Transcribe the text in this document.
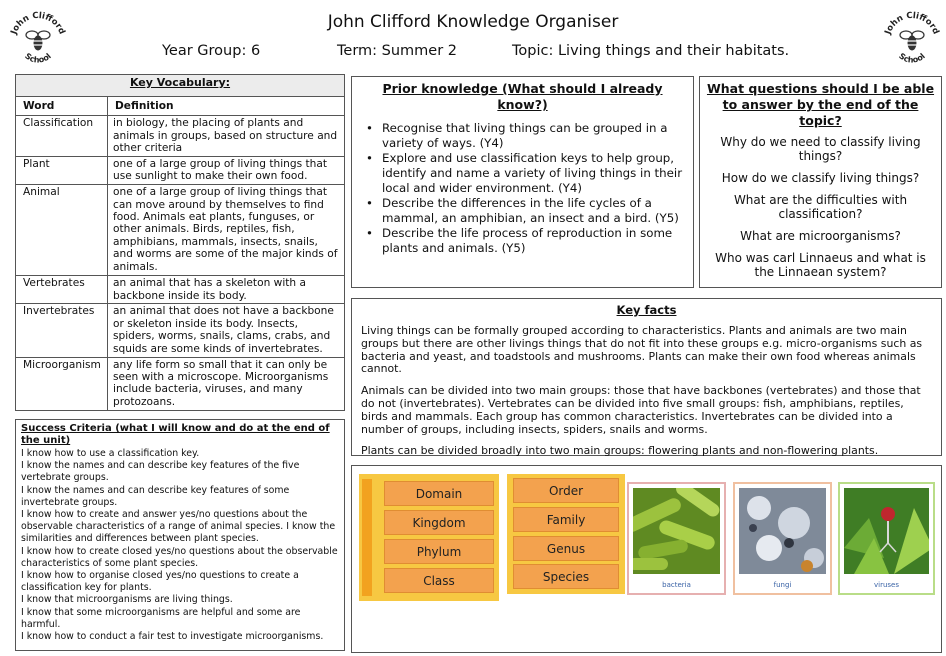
John Clifford
School
John Clifford
School
John Clifford Knowledge Organiser
Year Group: 6	Term: Summer 2	Topic: Living things and their habitats.
Key Vocabulary:	
Word	Definition
Classification	in biology, the placing of plants and animals in groups, based on structure and other criteria
Plant	one of a large group of living things that use sunlight to make their own food.
Animal	one of a large group of living things that can move around by themselves to find food. Animals eat plants, funguses, or other animals. Birds, reptiles, fish, amphibians, mammals, insects, snails, and worms are some of the major kinds of animals.
Vertebrates	an animal that has a skeleton with a backbone inside its body.
Invertebrates	an animal that does not have a backbone or skeleton inside its body. Insects, spiders, worms, snails, clams, crabs, and squids are some kinds of invertebrates.
Microorganism	any life form so small that it can only be seen with a microscope. Microorganisms include bacteria, viruses, and many protozoans.
Success Criteria (what I will know and do at the end of the unit)
I know how to use a classification key.
I know the names and can describe key features of the five vertebrate groups.
I know the names and can describe key features of some invertebrate groups.
I know how to create and answer yes/no questions about the observable characteristics of a range of animal species. I know the similarities and differences between plant species.
I know how to create closed yes/no questions about the observable characteristics of some plant species.
I know how to organise closed yes/no questions to create a classification key for plants.
I know that microorganisms are living things.
I know that some microorganisms are helpful and some are harmful.
I know how to conduct a fair test to investigate microorganisms.
Prior knowledge (What should I already know?)
• Recognise that living things can be grouped in a variety of ways. (Y4)
• Explore and use classification keys to help group, identify and name a variety of living things in their local and wider environment. (Y4)
• Describe the differences in the life cycles of a mammal, an amphibian, an insect and a bird. (Y5)
• Describe the life process of reproduction in some plants and animals. (Y5)
What questions should I be able to answer by the end of the topic?
Why do we need to classify living things?
How do we classify living things?
What are the difficulties with classification?
What are microorganisms?
Who was carl Linnaeus and what is the Linnaean system?
Key facts

Living things can be formally grouped according to characteristics. Plants and animals are two main groups but there are other livings things that do not fit into these groups e.g. micro-organisms such as bacteria and yeast, and toadstools and mushrooms. Plants can make their own food whereas animals cannot.

Animals can be divided into two main groups: those that have backbones (vertebrates) and those that do not (invertebrates). Vertebrates can be divided into five small groups: fish, amphibians, reptiles, birds and mammals. Each group has common characteristics. Invertebrates can be divided into a number of groups, including insects, spiders, snails and worms.

Plants can be divided broadly into two main groups: flowering plants and non-flowering plants.

Domain
Kingdom
Phylum
Class
Order
Family
Genus
Species
bacteria	fungi	viruses
